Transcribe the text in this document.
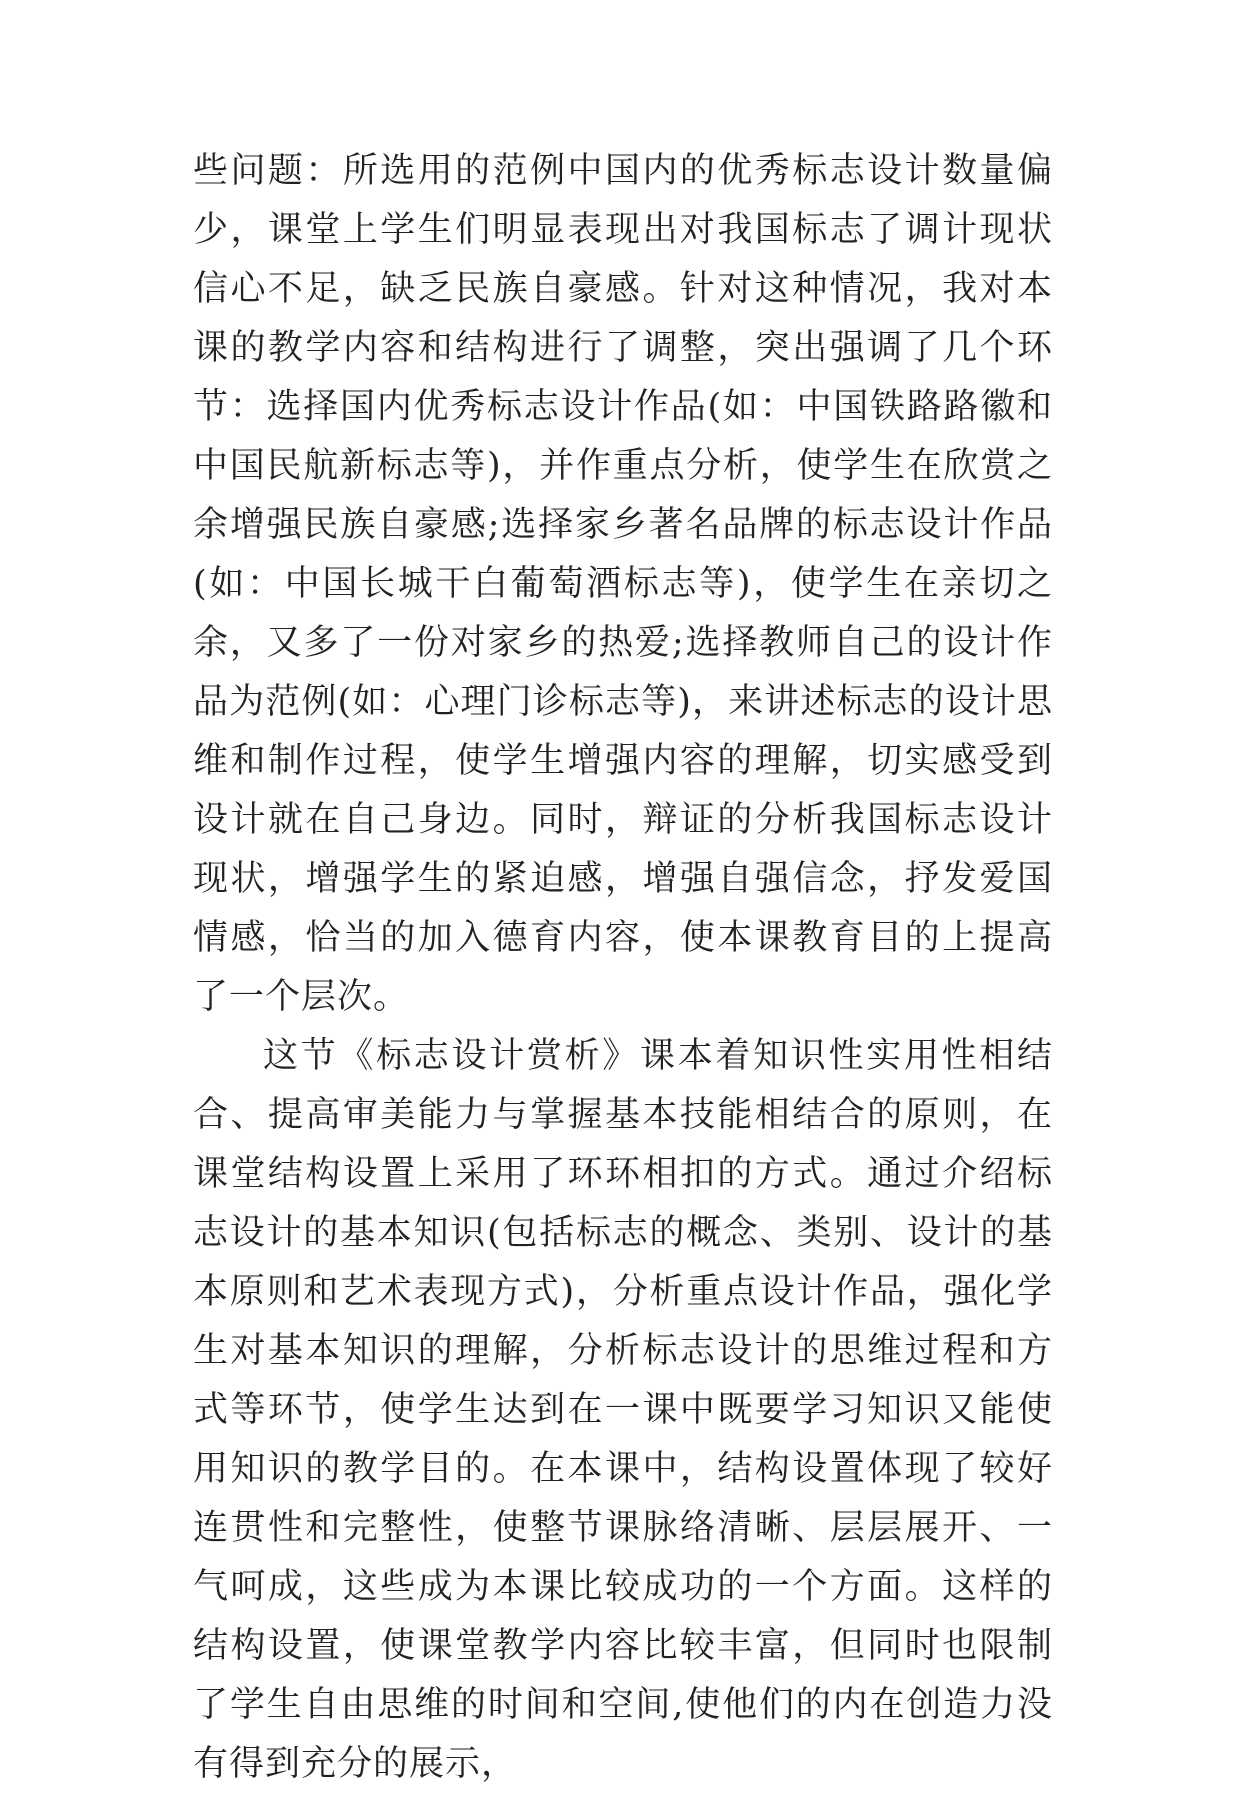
些问题：所选用的范例中国内的优秀标志设计数量偏少，课堂上学生们明显表现出对我国标志了调计现状信心不足，缺乏民族自豪感。针对这种情况，我对本课的教学内容和结构进行了调整，突出强调了几个环节：选择国内优秀标志设计作品(如：中国铁路路徽和中国民航新标志等)，并作重点分析，使学生在欣赏之余增强民族自豪感;选择家乡著名品牌的标志设计作品(如：中国长城干白葡萄酒标志等)，使学生在亲切之余，又多了一份对家乡的热爱;选择教师自己的设计作品为范例(如：心理门诊标志等)，来讲述标志的设计思维和制作过程，使学生增强内容的理解，切实感受到设计就在自己身边。同时，辩证的分析我国标志设计现状，增强学生的紧迫感，增强自强信念，抒发爱国情感，恰当的加入德育内容，使本课教育目的上提高了一个层次。

这节《标志设计赏析》课本着知识性实用性相结合、提高审美能力与掌握基本技能相结合的原则，在课堂结构设置上采用了环环相扣的方式。通过介绍标志设计的基本知识(包括标志的概念、类别、设计的基本原则和艺术表现方式)，分析重点设计作品，强化学生对基本知识的理解，分析标志设计的思维过程和方式等环节，使学生达到在一课中既要学习知识又能使用知识的教学目的。在本课中，结构设置体现了较好连贯性和完整性，使整节课脉络清晰、层层展开、一气呵成，这些成为本课比较成功的一个方面。这样的结构设置，使课堂教学内容比较丰富，但同时也限制了学生自由思维的时间和空间,使他们的内在创造力没有得到充分的展示，
